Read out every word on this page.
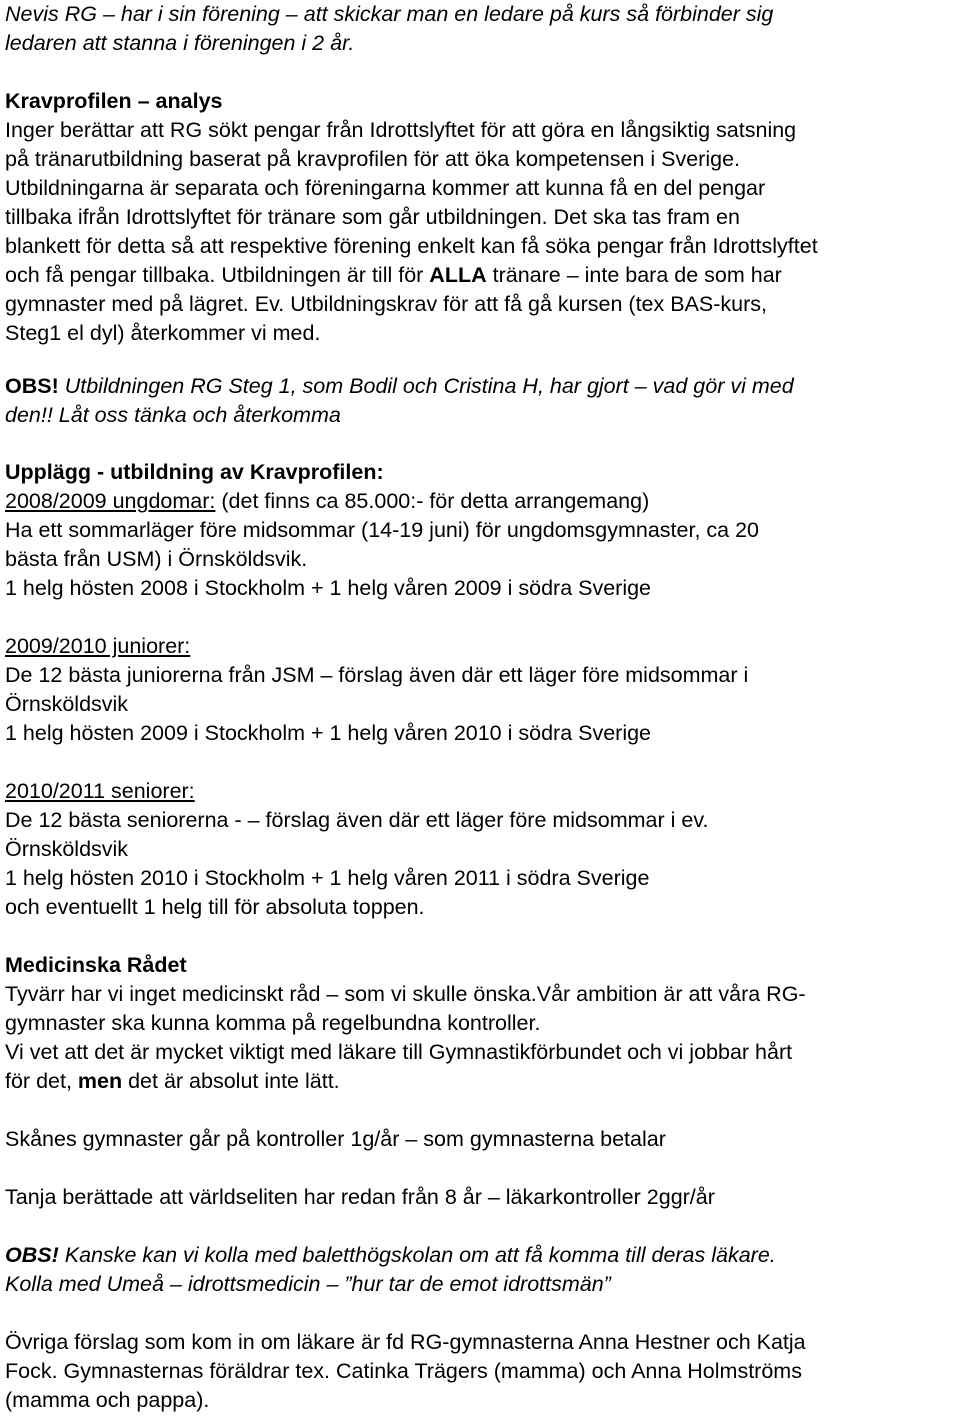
Nevis RG – har i sin förening – att skickar man en ledare på kurs så förbinder sig
ledaren att stanna i föreningen i 2 år.
Kravprofilen – analys
Inger berättar att RG sökt pengar från Idrottslyftet för att göra en långsiktig satsning
på tränarutbildning baserat på kravprofilen för att öka kompetensen i Sverige.
Utbildningarna är separata och föreningarna kommer att kunna få en del pengar
tillbaka ifrån Idrottslyftet för tränare som går utbildningen. Det ska tas fram en
blankett för detta så att respektive förening enkelt kan få söka pengar från Idrottslyftet
och få pengar tillbaka. Utbildningen är till för ALLA tränare – inte bara de som har
gymnaster med på lägret. Ev. Utbildningskrav för att få gå kursen (tex BAS-kurs,
Steg1 el dyl) återkommer vi med.
OBS! Utbildningen RG Steg 1, som Bodil och Cristina H, har gjort – vad gör vi med
den!! Låt oss tänka och återkomma
Upplägg - utbildning av Kravprofilen:
2008/2009 ungdomar: (det finns ca 85.000:- för detta arrangemang)
Ha ett sommarläger före midsommar (14-19 juni) för ungdomsgymnaster, ca 20
bästa från USM) i Örnsköldsvik.
1 helg hösten 2008 i Stockholm + 1 helg våren 2009 i södra Sverige
2009/2010 juniorer:
De 12 bästa juniorerna från JSM – förslag även där ett läger före midsommar i
Örnsköldsvik
1 helg hösten 2009 i Stockholm + 1 helg våren 2010 i södra Sverige
2010/2011 seniorer:
De 12 bästa seniorerna - – förslag även där ett läger före midsommar i ev.
Örnsköldsvik
1 helg hösten 2010 i Stockholm + 1 helg våren 2011 i södra Sverige
och eventuellt 1 helg till för absoluta toppen.
Medicinska Rådet
Tyvärr har vi inget medicinskt råd – som vi skulle önska.Vår ambition är att våra RG-
gymnaster ska kunna komma på regelbundna kontroller.
Vi vet att det är mycket viktigt med läkare till Gymnastikförbundet och vi jobbar hårt
för det, men det är absolut inte lätt.
Skånes gymnaster går på kontroller 1g/år – som gymnasterna betalar
Tanja berättade att världseliten har redan från 8 år – läkarkontroller 2ggr/år
OBS! Kanske kan vi kolla med baletthögskolan om att få komma till deras läkare.
Kolla med Umeå – idrottsmedicin – ”hur tar de emot idrottsmän”
Övriga förslag som kom in om läkare är fd RG-gymnasterna Anna Hestner och Katja
Fock. Gymnasternas föräldrar tex. Catinka Trägers (mamma) och Anna Holmströms
(mamma och pappa).
